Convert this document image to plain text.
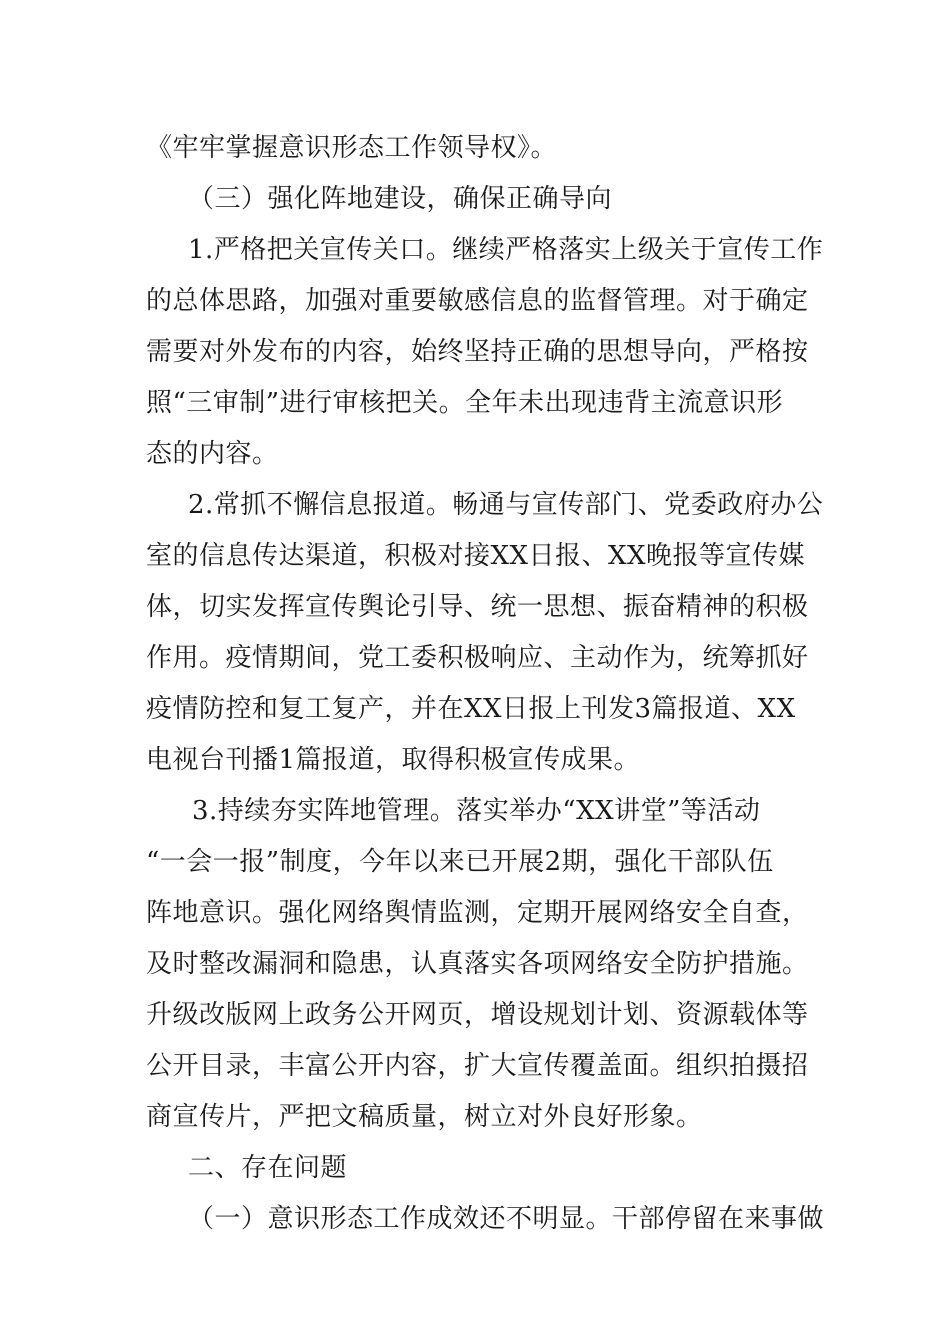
《牢牢掌握意识形态工作领导权》。
（三）强化阵地建设，确保正确导向
1.严格把关宣传关口。继续严格落实上级关于宣传工作
的总体思路，加强对重要敏感信息的监督管理。对于确定
需要对外发布的内容，始终坚持正确的思想导向，严格按
照“三审制”进行审核把关。全年未出现违背主流意识形
态的内容。
2.常抓不懈信息报道。畅通与宣传部门、党委政府办公
室的信息传达渠道，积极对接XX日报、XX晚报等宣传媒
体，切实发挥宣传舆论引导、统一思想、振奋精神的积极
作用。疫情期间，党工委积极响应、主动作为，统筹抓好
疫情防控和复工复产，并在XX日报上刊发3篇报道、XX
电视台刊播1篇报道，取得积极宣传成果。
3.持续夯实阵地管理。落实举办“XX讲堂”等活动
“一会一报”制度，今年以来已开展2期，强化干部队伍
阵地意识。强化网络舆情监测，定期开展网络安全自查，
及时整改漏洞和隐患，认真落实各项网络安全防护措施。
升级改版网上政务公开网页，增设规划计划、资源载体等
公开目录，丰富公开内容，扩大宣传覆盖面。组织拍摄招
商宣传片，严把文稿质量，树立对外良好形象。
二、存在问题
（一）意识形态工作成效还不明显。干部停留在来事做
